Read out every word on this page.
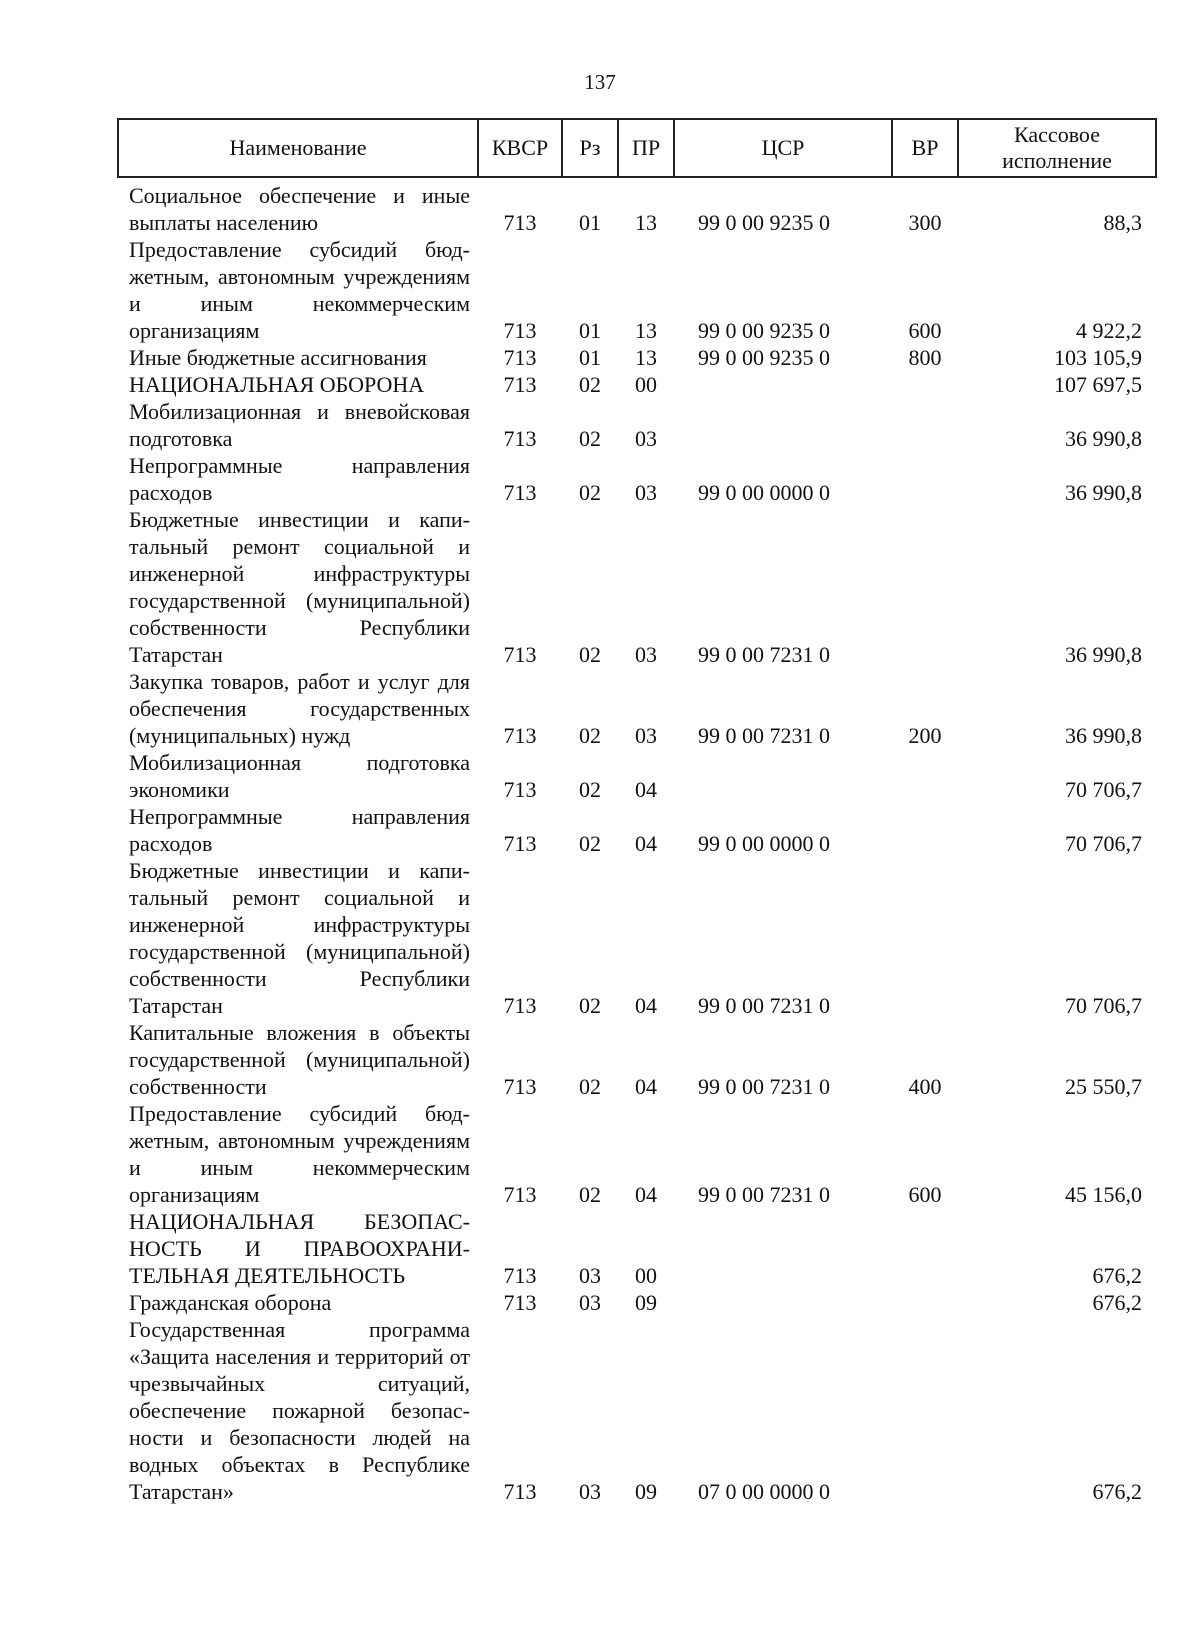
137
Наименование	КВСР	Рз	ПР	ЦСР	ВР	Кассовое
исполнение
Социальное обеспечение и иные выплаты населению	713	01	13	99 0 00 9235 0	300	88,3
Предоставление субсидий бюджетным, автономным учреждениям и иным некоммерческим организациям	713	01	13	99 0 00 9235 0	600	4 922,2
Иные бюджетные ассигнования	713	01	13	99 0 00 9235 0	800	103 105,9
НАЦИОНАЛЬНАЯ ОБОРОНА	713	02	00			107 697,5
Мобилизационная и вневойсковая подготовка	713	02	03			36 990,8
Непрограммные направления расходов	713	02	03	99 0 00 0000 0		36 990,8
Бюджетные инвестиции и капитальный ремонт социальной и инженерной инфраструктуры государственной (муниципальной) собственности Республики Татарстан	713	02	03	99 0 00 7231 0		36 990,8
Закупка товаров, работ и услуг для обеспечения государственных (муниципальных) нужд	713	02	03	99 0 00 7231 0	200	36 990,8
Мобилизационная подготовка экономики	713	02	04			70 706,7
Непрограммные направления расходов	713	02	04	99 0 00 0000 0		70 706,7
Бюджетные инвестиции и капитальный ремонт социальной и инженерной инфраструктуры государственной (муниципальной) собственности Республики Татарстан	713	02	04	99 0 00 7231 0		70 706,7
Капитальные вложения в объекты государственной (муниципальной) собственности	713	02	04	99 0 00 7231 0	400	25 550,7
Предоставление субсидий бюджетным, автономным учреждениям и иным некоммерческим организациям	713	02	04	99 0 00 7231 0	600	45 156,0
НАЦИОНАЛЬНАЯ БЕЗОПАСНОСТЬ И ПРАВООХРАНИТЕЛЬНАЯ ДЕЯТЕЛЬНОСТЬ	713	03	00			676,2
Гражданская оборона	713	03	09			676,2
Государственная программа «Защита населения и территорий от чрезвычайных ситуаций, обеспечение пожарной безопасности и безопасности людей на водных объектах в Республике Татарстан»	713	03	09	07 0 00 0000 0		676,2
